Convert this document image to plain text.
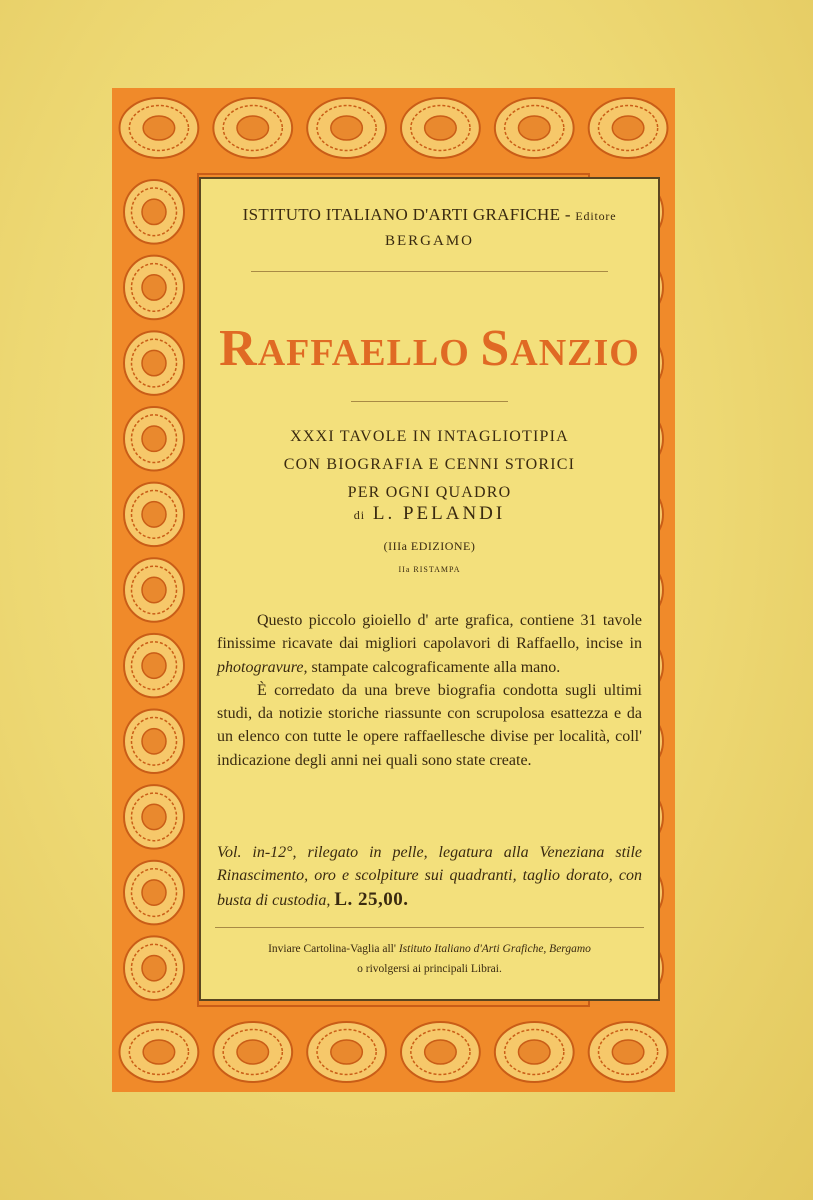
ISTITUTO ITALIANO D'ARTI GRAFICHE - Editore
BERGAMO
RAFFAELLO SANZIO
XXXI TAVOLE IN INTAGLIOTIPIA
CON BIOGRAFIA E CENNI STORICI
PER OGNI QUADRO
di L. PELANDI
(IIIa EDIZIONE)
IIa RISTAMPA

Questo piccolo gioiello d' arte grafica, contiene 31 tavole finissime ricavate dai migliori capolavori di Raffaello, incise in photogravure, stampate calcograficamente alla mano.

È corredato da una breve biografia condotta sugli ultimi studi, da notizie storiche riassunte con scrupolosa esattezza e da un elenco con tutte le opere raffaellesche divise per località, coll' indicazione degli anni nei quali sono state create.

Vol. in-12°, rilegato in pelle, legatura alla Veneziana stile Rinascimento, oro e scolpiture sui quadranti, taglio dorato, con busta di custodia, L. 25,00.
Inviare Cartolina-Vaglia all' Istituto Italiano d'Arti Grafiche, Bergamo
o rivolgersi ai principali Librai.
